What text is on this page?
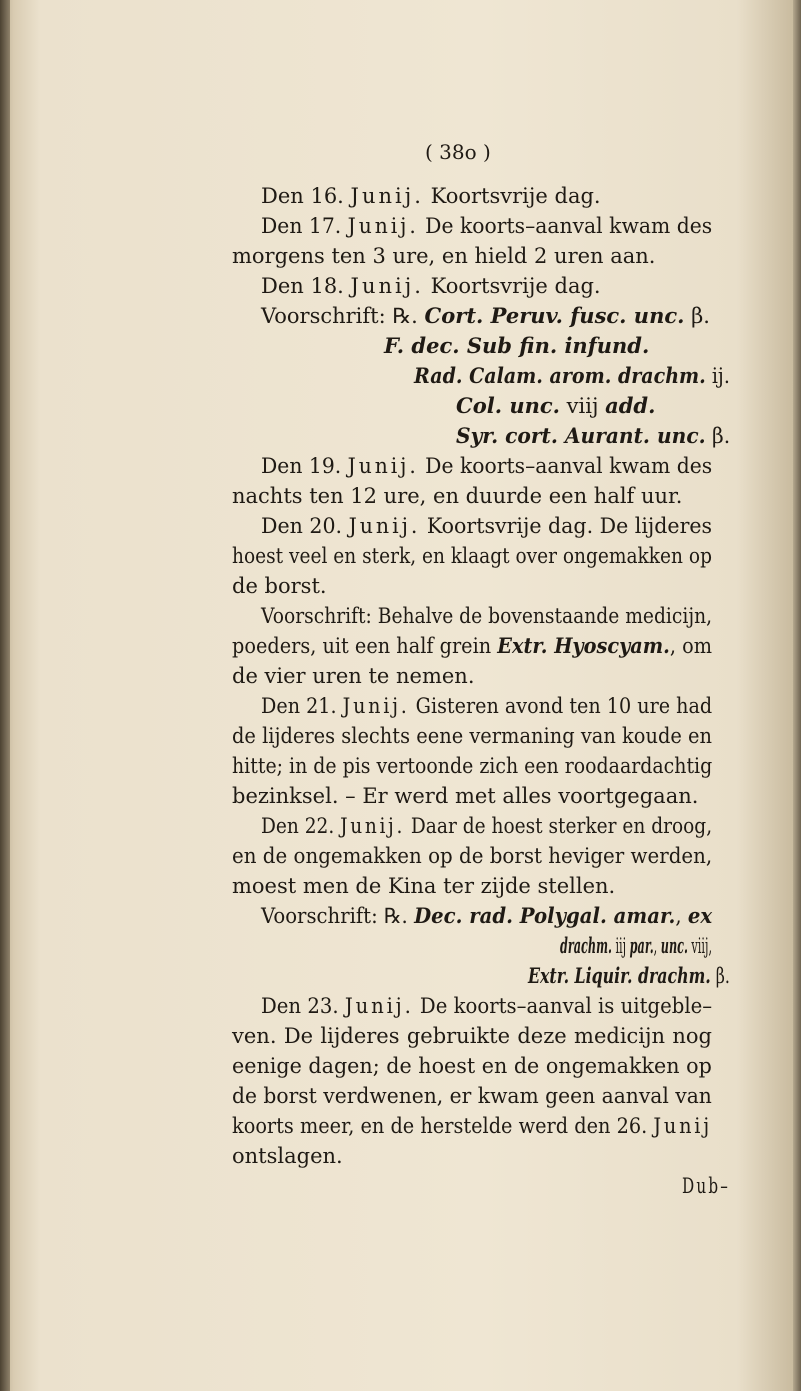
( 38o )
Den 16. Junij. Koortsvrije dag.
Den 17. Junij. De koorts–aanval kwam des
morgens ten 3 ure, en hield 2 uren aan.
Den 18. Junij. Koortsvrije dag.
Voorschrift: ℞. Cort. Peruv. fusc. unc. β.
F. dec. Sub fin. infund.
Rad. Calam. arom. drachm. ij.
Col. unc. viij add.
Syr. cort. Aurant. unc. β.
Den 19. Junij. De koorts–aanval kwam des
nachts ten 12 ure, en duurde een half uur.
Den 20. Junij. Koortsvrije dag. De lijderes
hoest veel en sterk, en klaagt over ongemakken op
de borst.
Voorschrift: Behalve de bovenstaande medicijn,
poeders, uit een half grein Extr. Hyoscyam., om
de vier uren te nemen.
Den 21. Junij. Gisteren avond ten 10 ure had
de lijderes slechts eene vermaning van koude en
hitte; in de pis vertoonde zich een roodaardachtig
bezinksel. – Er werd met alles voortgegaan.
Den 22. Junij. Daar de hoest sterker en droog,
en de ongemakken op de borst heviger werden,
moest men de Kina ter zijde stellen.
Voorschrift: ℞. Dec. rad. Polygal. amar., ex
drachm. iij par., unc. viij,
Extr. Liquir. drachm. β.
Den 23. Junij. De koorts–aanval is uitgeble–
ven. De lijderes gebruikte deze medicijn nog
eenige dagen; de hoest en de ongemakken op
de borst verdwenen, er kwam geen aanval van
koorts meer, en de herstelde werd den 26. Junij
ontslagen.
Dub–
